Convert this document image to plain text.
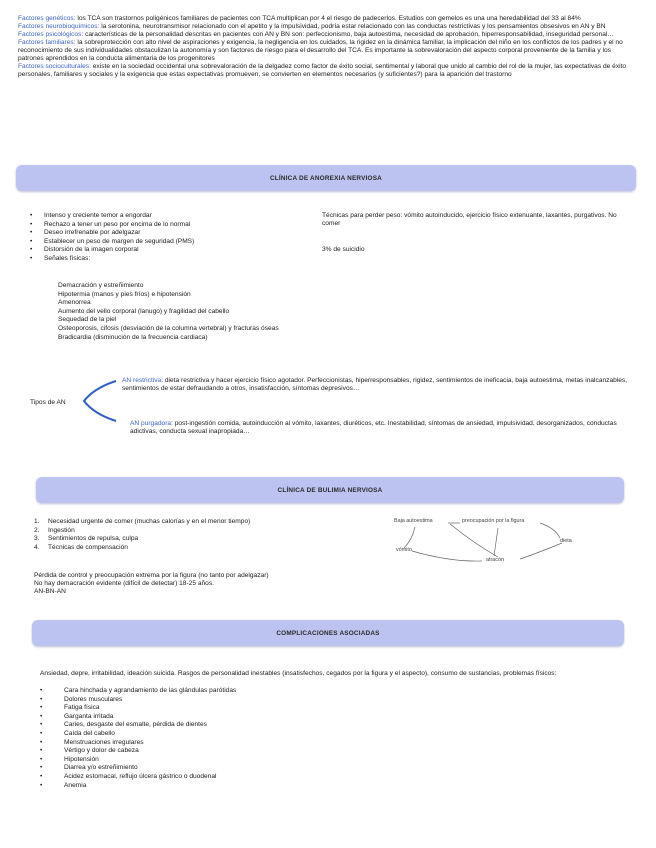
Factores genéticos: los TCA son trastornos poligénicos familiares de pacientes con TCA multiplican por 4 el riesgo de padecerlos. Estudios con gemelos es una una heredabilidad del 33 al 84%
Factores neurobioquímicos: la serotonina, neurotransmisor relacionado con el apetito y la impulsividad, podría estar relacionado con las conductas restrictivas y los pensamientos obsesivos en AN y BN
Factores psicológicos: características de la personalidad descritas en pacientes con AN y BN son: perfeccionismo, baja autoestima, necesidad de aprobación, hiperresponsabilidad, inseguridad personal…
Factores familiares: la sobreprotección con alto nivel de aspiraciones y exigencia, la negligencia en los cuidados, la rigidez en la dinámica familiar, la implicación del niño en los conflictos de los padres y el no reconocimiento de sus individualidades obstaculizan la autonomía y son factores de riesgo para el desarrollo del TCA. Es importante la sobrevaloración del aspecto corporal proveniente de la familia y los patrones aprendidos en la conducta alimentaria de los progenitores
Factores socioculturales: existe en la sociedad occidental una sobrevaloración de la delgadez como factor de éxito social, sentimental y laboral que unido al cambio del rol de la mujer, las expectativas de éxito personales, familiares y sociales y la exigencia que estas expectativas promueven, se convierten en elementos necesarios (y suficientes?) para la aparición del trastorno
CLÍNICA DE ANOREXIA NERVIOSA
• Intenso y creciente temor a engordar
• Rechazo a tener un peso por encima de lo normal
• Deseo irrefrenable por adelgazar
• Establecer un peso de margen de seguridad (PMS)
• Distorsión de la imagen corporal
• Señales físicas:
Demacración y estreñimiento
Hipotermia (manos y pies fríos) e hipotensión
Amenorrea
Aumento del vello corporal (lanugo) y fragilidad del cabello
Sequedad de la piel
Osteoporosis, cifosis (desviación de la columna vertebral) y fracturas óseas
Bradicardia (disminución de la frecuencia cardiaca)
Técnicas para perder peso: vómito autoinducido, ejercicio físico extenuante, laxantes, purgativos. No comer
3% de suicidio
Tipos de AN
AN restrictiva: dieta restrictiva y hacer ejercicio físico agotador. Perfeccionistas, hiperresponsables, rigidez, sentimientos de ineficacia, baja autoestima, metas inalcanzables, sentimientos de estar defraudando a otros, insatisfacción, síntomas depresivos…
AN purgadora: post-ingestión comida, autoinducción al vómito, laxantes, diuréticos, etc. Inestabilidad, síntomas de ansiedad, impulsividad, desorganizados, conductas adictivas, conducta sexual inapropiada…
CLÍNICA DE BULIMIA NERVIOSA
1. Necesidad urgente de comer (muchas calorías y en el menor tiempo)
2. Ingestión
3. Sentimientos de repulsa, culpa
4. Técnicas de compensación
Pérdida de control y preocupación extrema por la figura (no tanto por adelgazar)
No hay demacración evidente (difícil de detectar) 18-25 años.
AN-BN-AN
Baja autoestima	preocupación por la figura
dieta
vómito
atracón
COMPLICACIONES ASOCIADAS
Ansiedad, depre, irritabilidad, ideación suicida. Rasgos de personalidad inestables (insatisfechos, cegados por la figura y el aspecto), consumo de sustancias, problemas físicos:
• Cara hinchada y agrandamiento de las glándulas parótidas
• Dolores musculares
• Fatiga física
• Garganta irritada
• Caries, desgaste del esmalte, pérdida de dientes
• Caída del cabello
• Menstruaciones irregulares
• Vértigo y dolor de cabeza
• Hipotensión
• Diarrea y/o estreñimiento
• Acidez estomacal, reflujo úlcera gástrico o duodenal
• Anemia
